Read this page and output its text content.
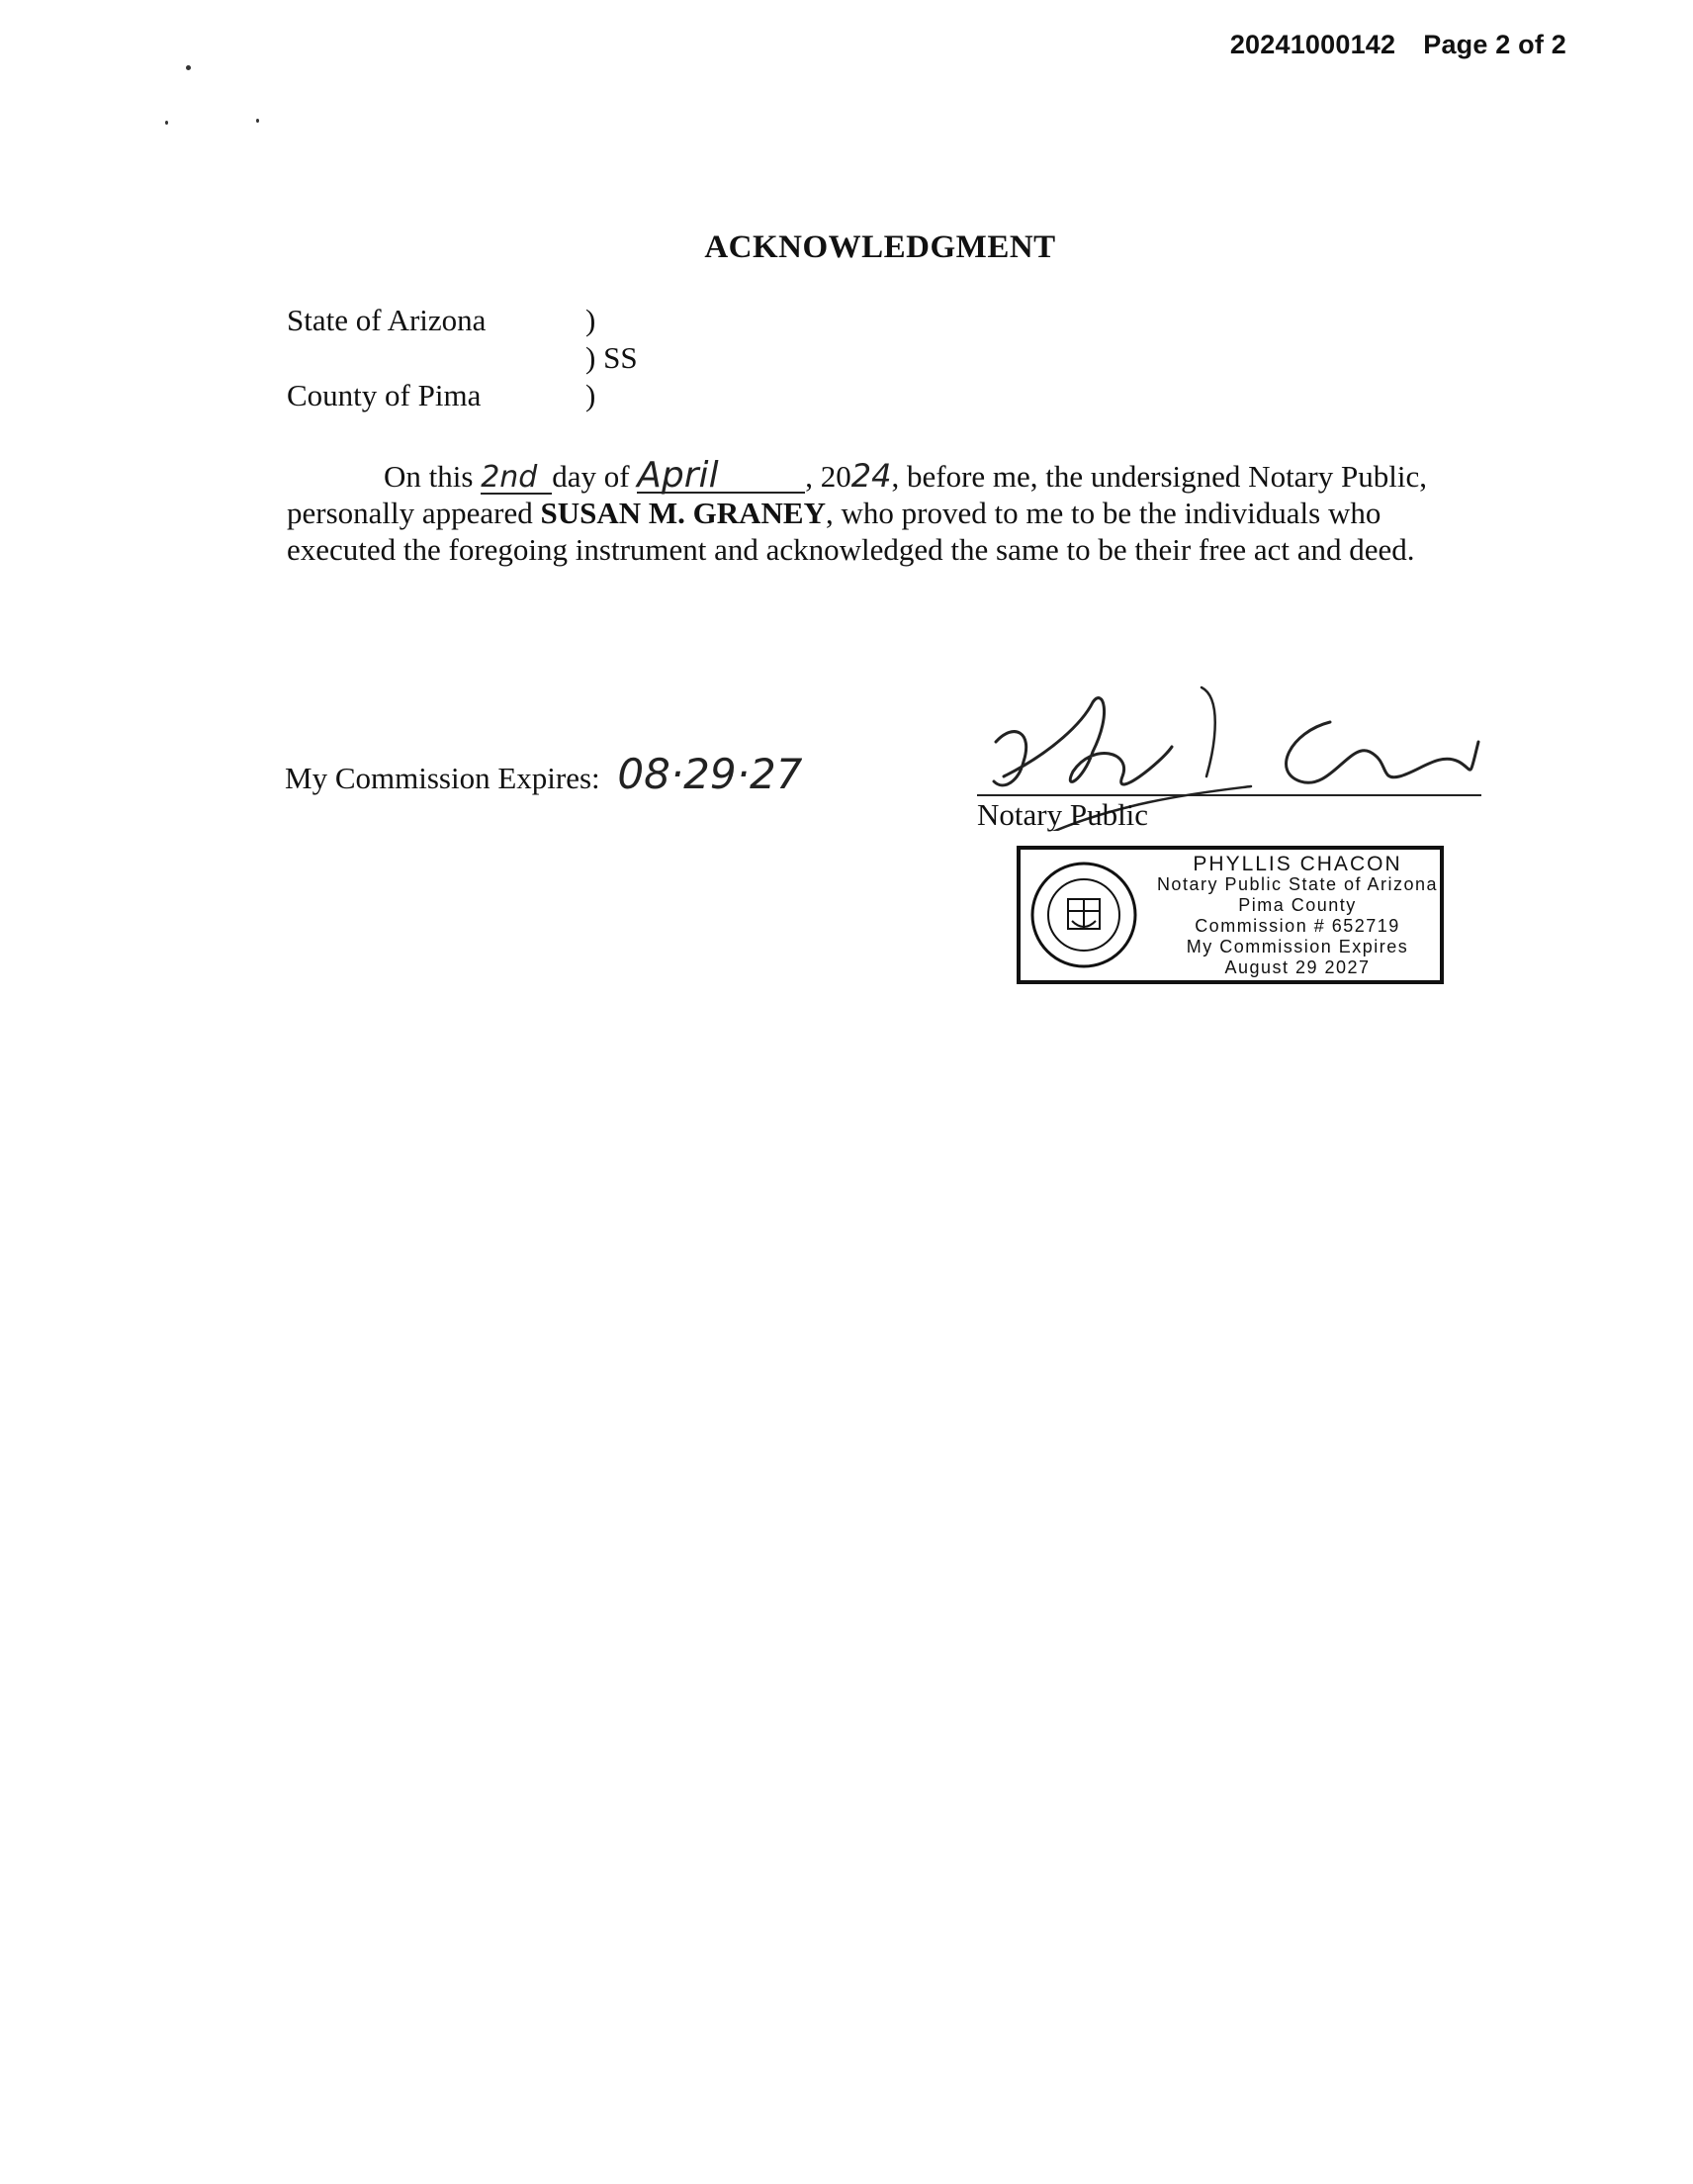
20241000142 Page 2 of 2
ACKNOWLEDGMENT
State of Arizona	)
) SS
County of Pima	)
On this 2nd day of April	, 2024, before me, the undersigned Notary Public, personally appeared SUSAN M. GRANEY, who proved to me to be the individuals who executed the foregoing instrument and acknowledged the same to be their free act and deed.
My Commission Expires: 08·29·27
Notary Public
PHYLLIS CHACON
Notary Public State of Arizona
Pima County
Commission # 652719
My Commission Expires
August 29 2027
